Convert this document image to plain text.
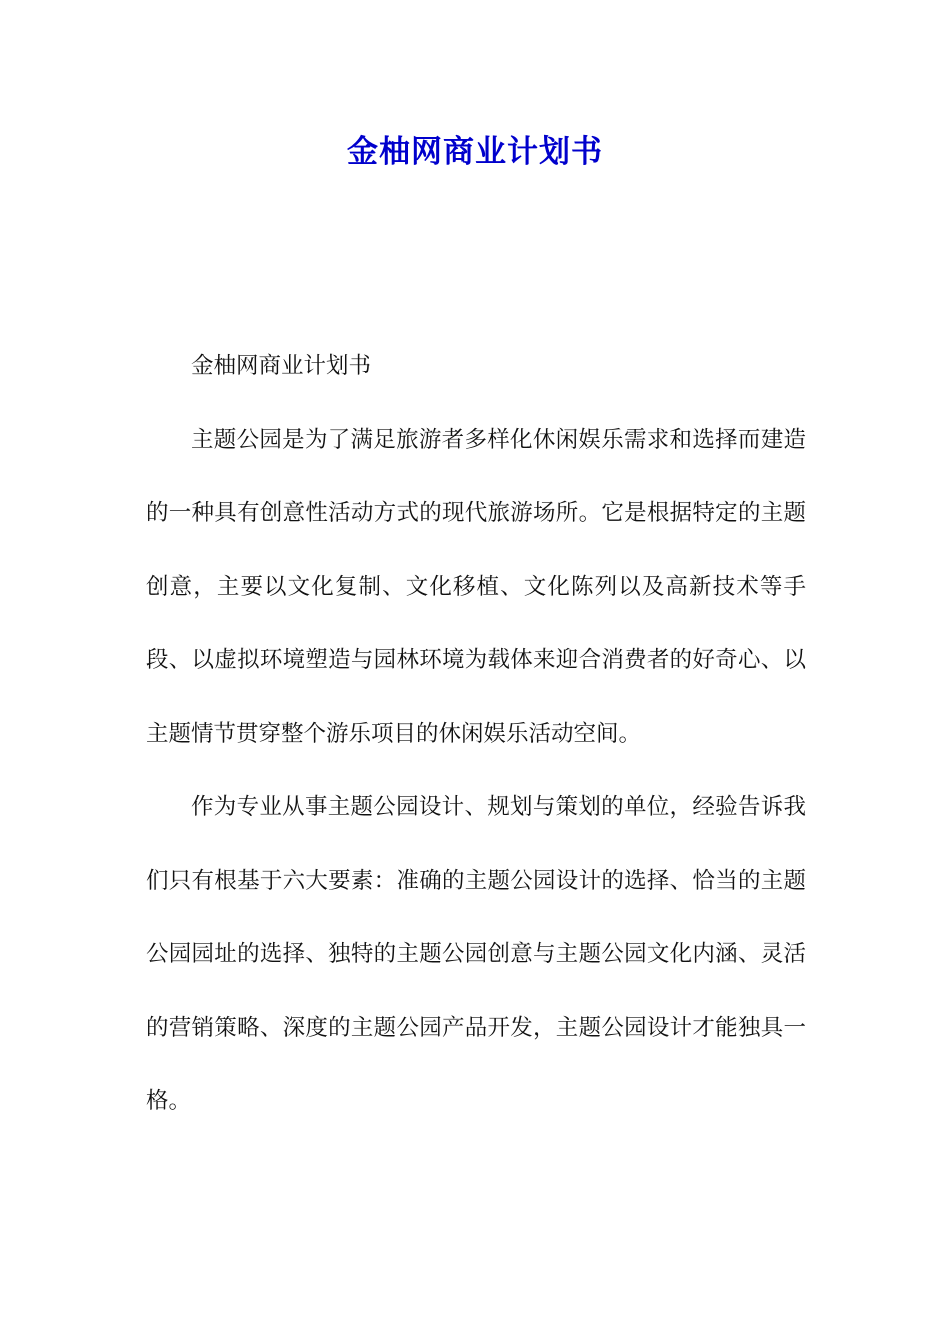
金柚网商业计划书

金柚网商业计划书

主题公园是为了满足旅游者多样化休闲娱乐需求和选择而建造的一种具有创意性活动方式的现代旅游场所。它是根据特定的主题创意，主要以文化复制、文化移植、文化陈列以及高新技术等手段、以虚拟环境塑造与园林环境为载体来迎合消费者的好奇心、以主题情节贯穿整个游乐项目的休闲娱乐活动空间。

作为专业从事主题公园设计、规划与策划的单位，经验告诉我们只有根基于六大要素：准确的主题公园设计的选择、恰当的主题公园园址的选择、独特的主题公园创意与主题公园文化内涵、灵活的营销策略、深度的主题公园产品开发，主题公园设计才能独具一格。
